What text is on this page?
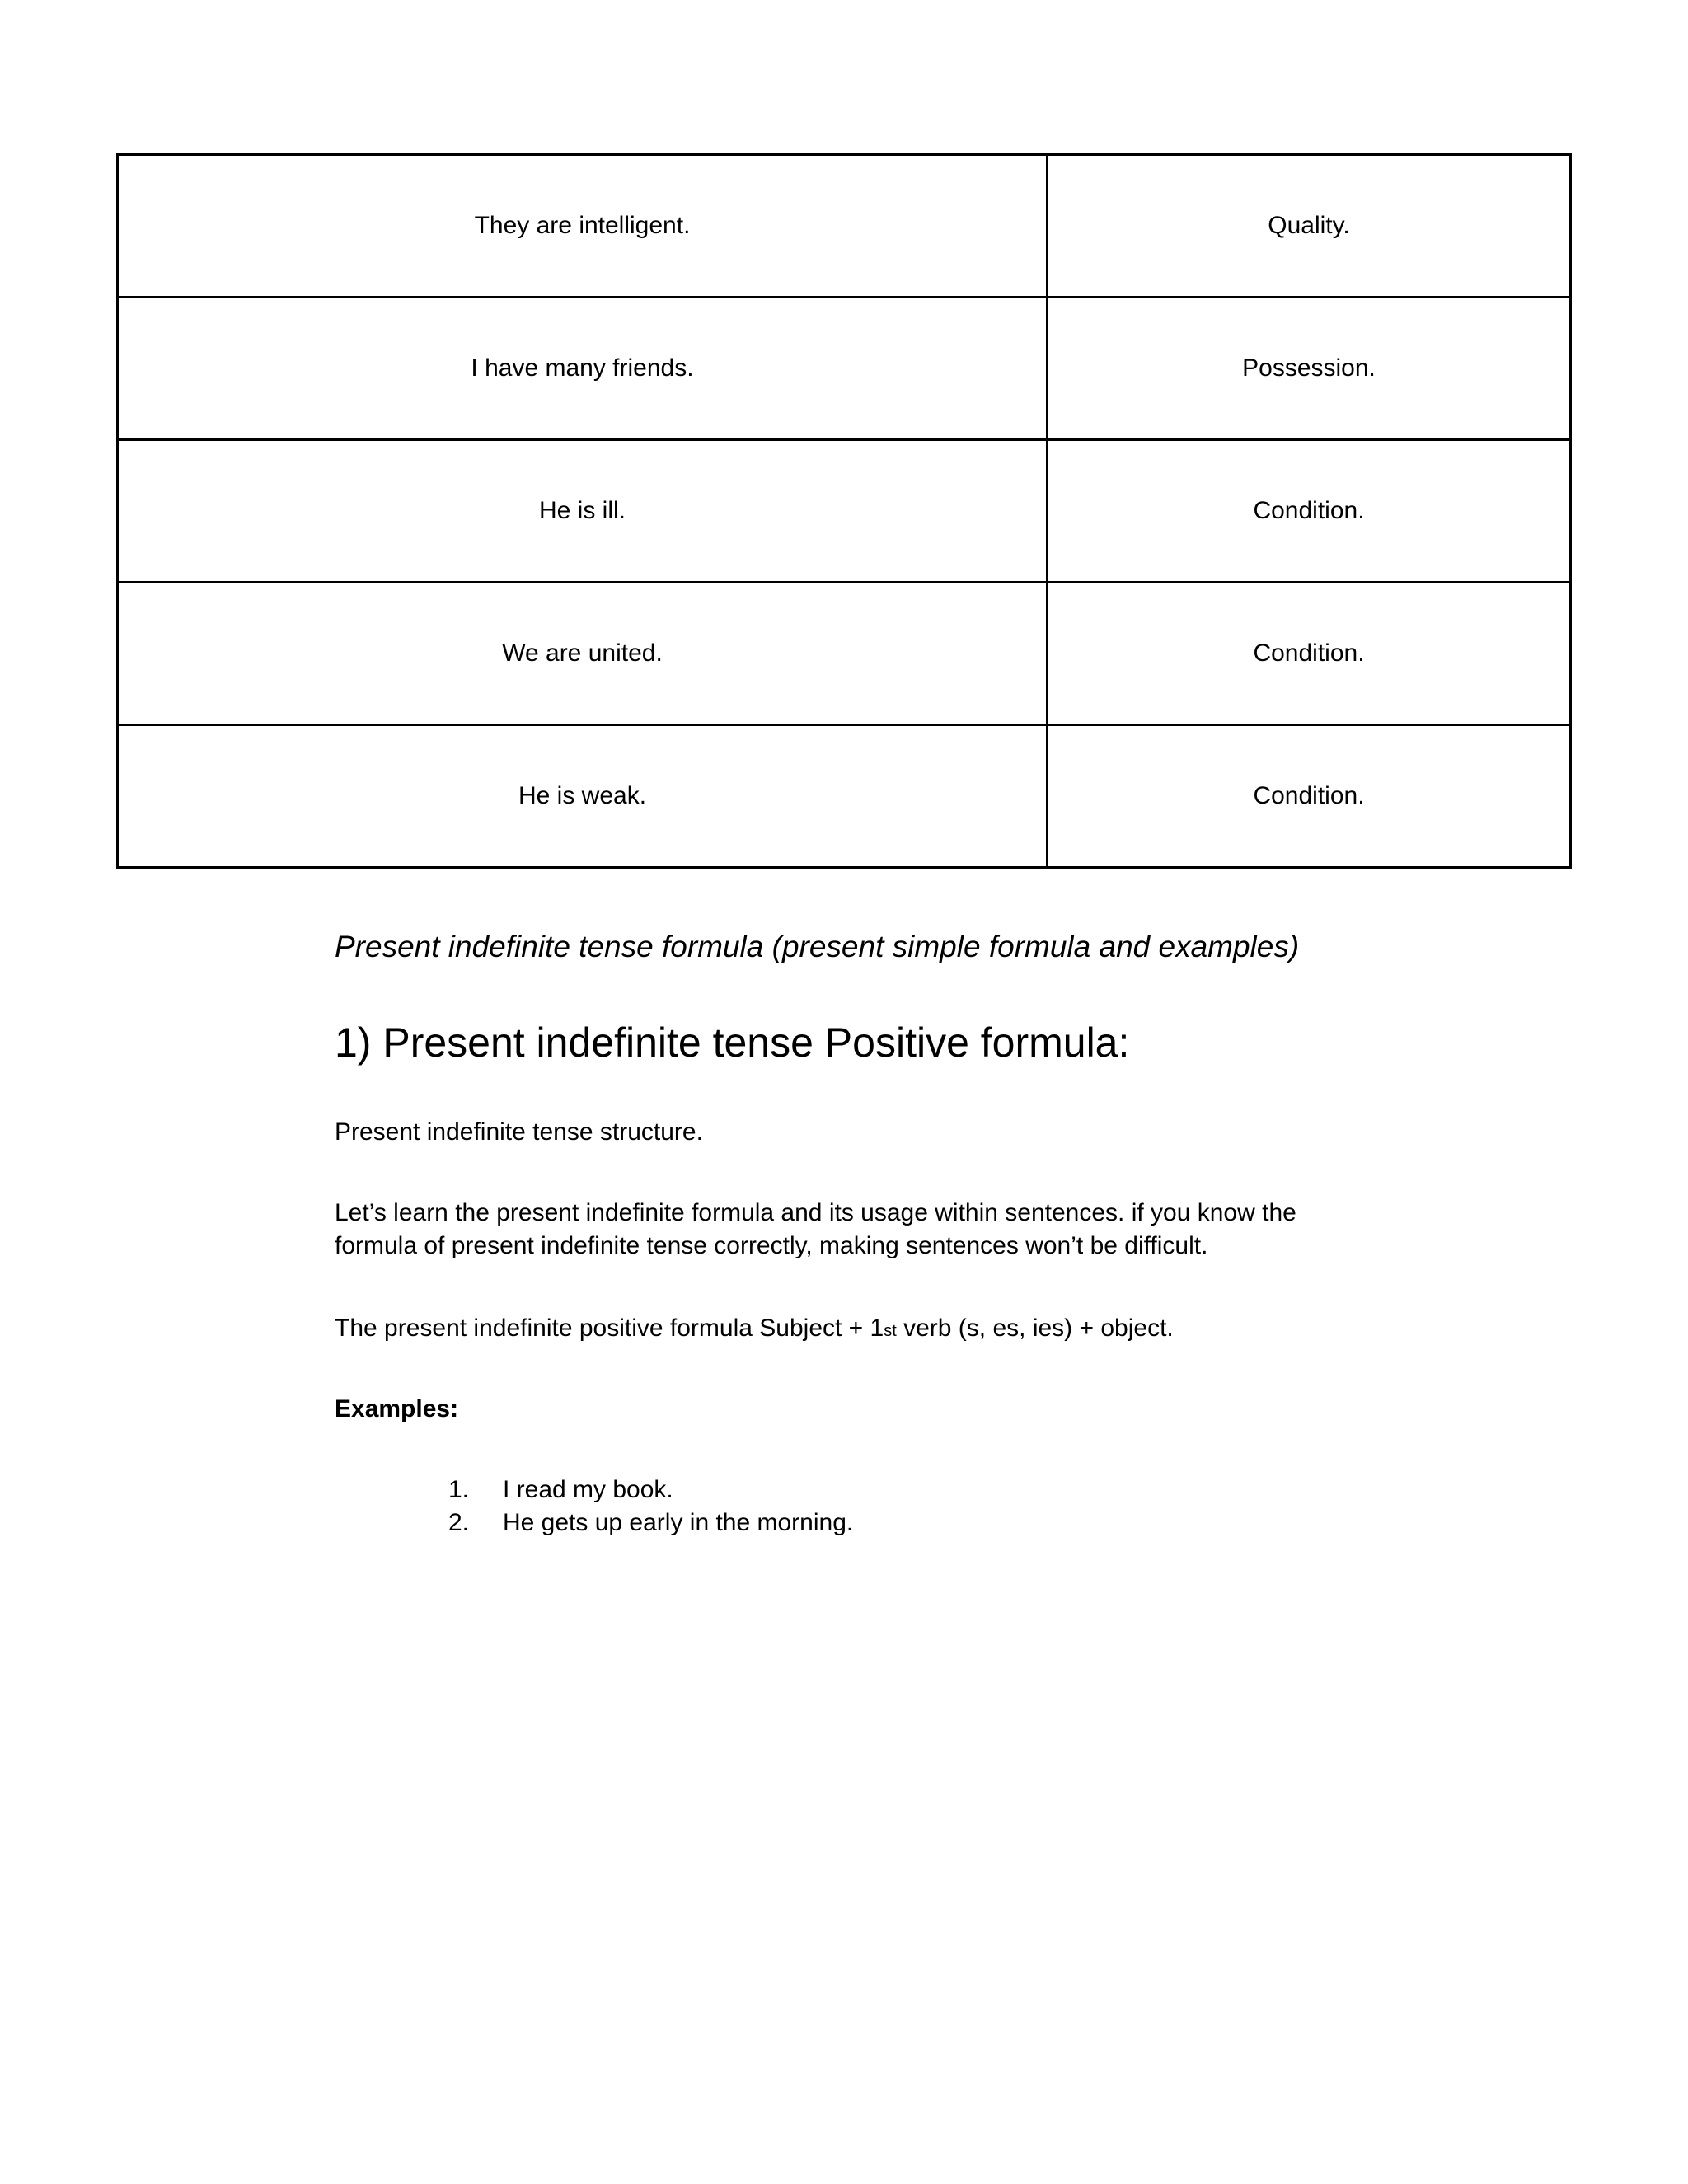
They are intelligent.	Quality.
I have many friends.	Possession.
He is ill.	Condition.
We are united.	Condition.
He is weak.	Condition.

Present indefinite tense formula (present simple formula and examples)

1) Present indefinite tense Positive formula:

Present indefinite tense structure.

Let’s learn the present indefinite formula and its usage within sentences. if you know the formula of present indefinite tense correctly, making sentences won’t be difficult.

The present indefinite positive formula Subject + 1st verb (s, es, ies) + object.

Examples:

1. I read my book.
2. He gets up early in the morning.
